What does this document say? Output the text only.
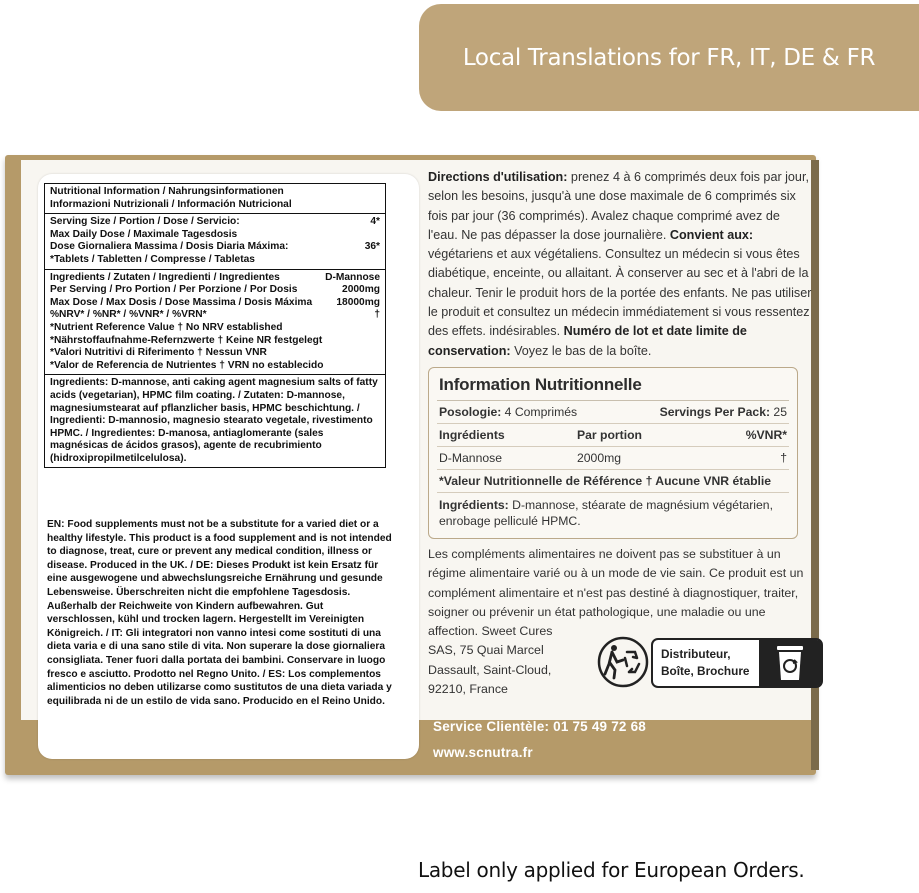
Local Translations for FR, IT, DE & FR
Nutritional Information / Nahrungsinformationen
Informazioni Nutrizionali / Información Nutricional
Serving Size / Portion / Dose / Servicio:	4*
Max Daily Dose / Maximale Tagesdosis
Dose Giornaliera Massima / Dosis Diaria Máxima:	36*
*Tablets / Tabletten / Compresse / Tabletas
Ingredients / Zutaten / Ingredienti / Ingredientes	D-Mannose
Per Serving / Pro Portion / Per Porzione / Por Dosis	2000mg
Max Dose / Max Dosis / Dose Massima / Dosis Máxima	18000mg
%NRV* / %NR* / %VNR* / %VRN*	†
*Nutrient Reference Value † No NRV established
*Nährstoffaufnahme-Refernzwerte † Keine NR festgelegt
*Valori Nutritivi di Riferimento † Nessun VNR
*Valor de Referencia de Nutrientes † VRN no establecido
Ingredients: D-mannose, anti caking agent magnesium salts of fatty acids (vegetarian), HPMC film coating. / Zutaten: D-mannose, magnesiumstearat auf pflanzlicher basis, HPMC beschichtung. / Ingredienti: D-mannosio, magnesio stearato vegetale, rivestimento HPMC. / Ingredientes: D-manosa, antiaglomerante (sales magnésicas de ácidos grasos), agente de recubrimiento (hidroxipropilmetilcelulosa).
EN: Food supplements must not be a substitute for a varied diet or a healthy lifestyle. This product is a food supplement and is not intended to diagnose, treat, cure or prevent any medical condition, illness or disease. Produced in the UK. / DE: Dieses Produkt ist kein Ersatz für eine ausgewogene und abwechslungsreiche Ernährung und gesunde Lebensweise. Überschreiten nicht die empfohlene Tagesdosis. Außerhalb der Reichweite von Kindern aufbewahren. Gut verschlossen, kühl und trocken lagern. Hergestellt im Vereinigten Königreich. / IT: Gli integratori non vanno intesi come sostituti di una dieta varia e di una sano stile di vita. Non superare la dose giornaliera consigliata. Tener fuori dalla portata dei bambini. Conservare in luogo fresco e asciutto. Prodotto nel Regno Unito. / ES: Los complementos alimenticios no deben utilizarse como sustitutos de una dieta variada y equilibrada ni de un estilo de vida sano. Producido en el Reino Unido.
Directions d'utilisation: prenez 4 à 6 comprimés deux fois par jour, selon les besoins, jusqu'à une dose maximale de 6 comprimés six fois par jour (36 comprimés). Avalez chaque comprimé avez de l'eau. Ne pas dépasser la dose journalière. Convient aux: végétariens et aux végétaliens. Consultez un médecin si vous êtes diabétique, enceinte, ou allaitant. À conserver au sec et à l'abri de la chaleur. Tenir le produit hors de la portée des enfants. Ne pas utiliser le produit et consultez un médecin immédiatement si vous ressentez des effets. indésirables. Numéro de lot et date limite de conservation: Voyez le bas de la boîte.
Information Nutritionnelle
Posologie: 4 Comprimés	Servings Per Pack: 25
Ingrédients	Par portion	%VNR*
D-Mannose	2000mg	†
*Valeur Nutritionnelle de Référence † Aucune VNR établie
Ingrédients: D-mannose, stéarate de magnésium végétarien, enrobage pelliculé HPMC.
Les compléments alimentaires ne doivent pas se substituer à un régime alimentaire varié ou à un mode de vie sain. Ce produit est un complément alimentaire et n'est pas destiné à diagnostiquer, traiter, soigner ou prévenir un état pathologique, une maladie ou une
affection. Sweet Cures
SAS, 75 Quai Marcel
Dassault, Saint-Cloud,
92210, France
Distributeur,
Boîte, Brochure
Service Clientèle: 01 75 49 72 68
www.scnutra.fr
Label only applied for European Orders.
